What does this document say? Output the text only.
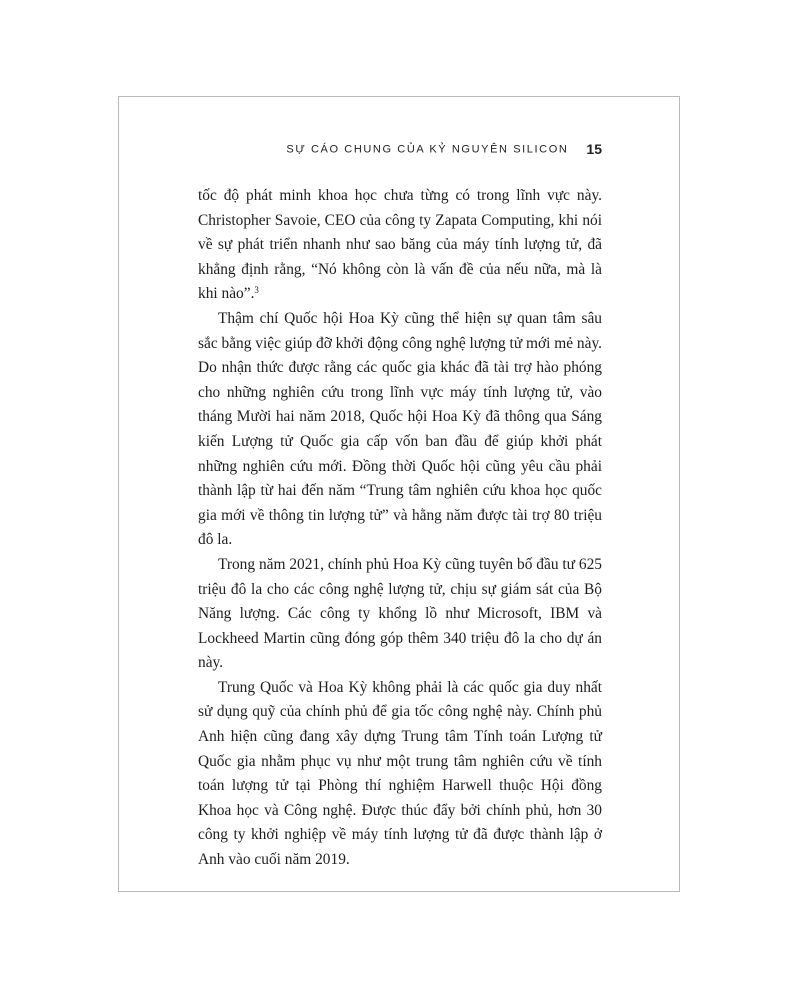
SỰ CÁO CHUNG CỦA KỶ NGUYÊN SILICON 15

tốc độ phát minh khoa học chưa từng có trong lĩnh vực này. Christopher Savoie, CEO của công ty Zapata Computing, khi nói về sự phát triển nhanh như sao băng của máy tính lượng tử, đã khẳng định rằng, “Nó không còn là vấn đề của nếu nữa, mà là khi nào”.$^3$

Thậm chí Quốc hội Hoa Kỳ cũng thể hiện sự quan tâm sâu sắc bằng việc giúp đỡ khởi động công nghệ lượng tử mới mẻ này. Do nhận thức được rằng các quốc gia khác đã tài trợ hào phóng cho những nghiên cứu trong lĩnh vực máy tính lượng tử, vào tháng Mười hai năm 2018, Quốc hội Hoa Kỳ đã thông qua Sáng kiến Lượng tử Quốc gia cấp vốn ban đầu để giúp khởi phát những nghiên cứu mới. Đồng thời Quốc hội cũng yêu cầu phải thành lập từ hai đến năm “Trung tâm nghiên cứu khoa học quốc gia mới về thông tin lượng tử” và hằng năm được tài trợ 80 triệu đô la.

Trong năm 2021, chính phủ Hoa Kỳ cũng tuyên bố đầu tư 625 triệu đô la cho các công nghệ lượng tử, chịu sự giám sát của Bộ Năng lượng. Các công ty khổng lồ như Microsoft, IBM và Lockheed Martin cũng đóng góp thêm 340 triệu đô la cho dự án này.

Trung Quốc và Hoa Kỳ không phải là các quốc gia duy nhất sử dụng quỹ của chính phủ để gia tốc công nghệ này. Chính phủ Anh hiện cũng đang xây dựng Trung tâm Tính toán Lượng tử Quốc gia nhằm phục vụ như một trung tâm nghiên cứu về tính toán lượng tử tại Phòng thí nghiệm Harwell thuộc Hội đồng Khoa học và Công nghệ. Được thúc đẩy bởi chính phủ, hơn 30 công ty khởi nghiệp về máy tính lượng tử đã được thành lập ở Anh vào cuối năm 2019.
